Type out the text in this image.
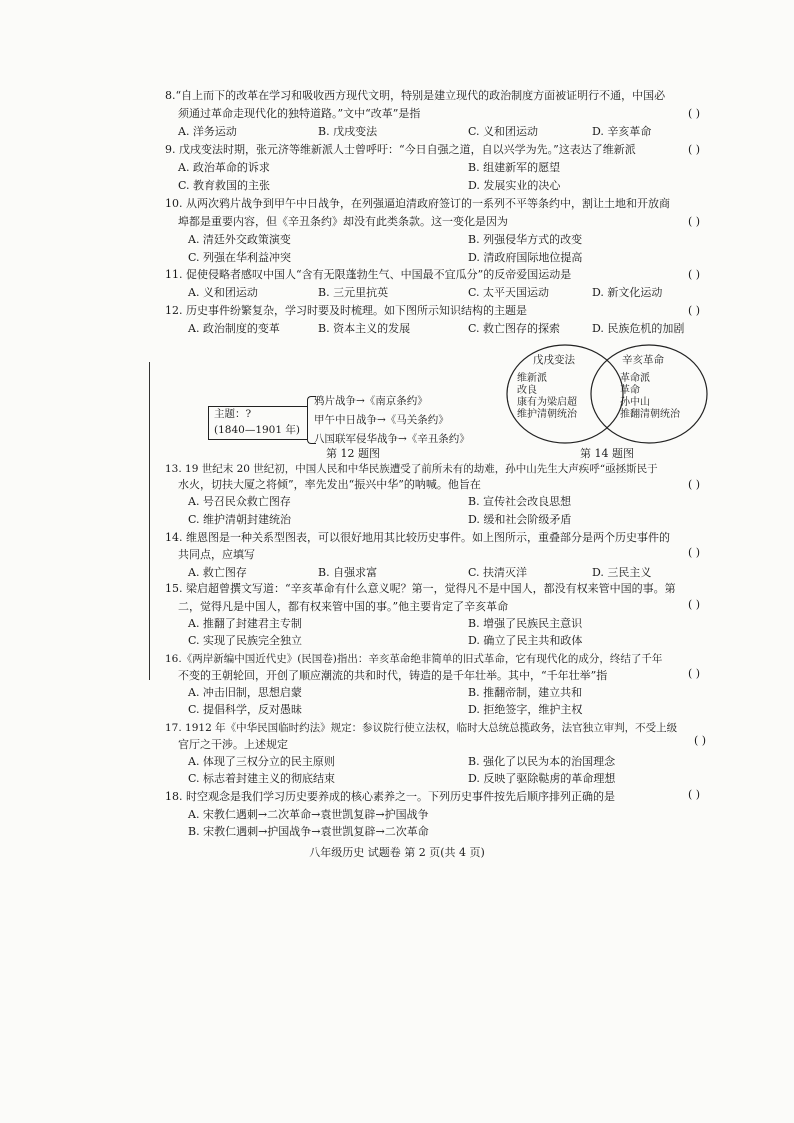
8.“自上而下的改革在学习和吸收西方现代文明，特别是建立现代的政治制度方面被证明行不通，中国必
须通过革命走现代化的独特道路。”文中“改革”是指	( )
A. 洋务运动	B. 戊戌变法	C. 义和团运动	D. 辛亥革命
9. 戊戌变法时期，张元济等维新派人士曾呼吁：“今日自强之道，自以兴学为先。”这表达了维新派	( )
A. 政治革命的诉求	B. 组建新军的愿望
C. 教育救国的主张	D. 发展实业的决心
10. 从两次鸦片战争到甲午中日战争，在列强逼迫清政府签订的一系列不平等条约中，割让土地和开放商
埠都是重要内容，但《辛丑条约》却没有此类条款。这一变化是因为	( )
A. 清廷外交政策演变	B. 列强侵华方式的改变
C. 列强在华利益冲突	D. 清政府国际地位提高
11. 促使侵略者感叹中国人“含有无限蓬勃生气、中国最不宜瓜分”的反帝爱国运动是	( )
A. 义和团运动	B. 三元里抗英	C. 太平天国运动	D. 新文化运动
12. 历史事件纷繁复杂，学习时要及时梳理。如下图所示知识结构的主题是	( )
A. 政治制度的变革	B. 资本主义的发展	C. 救亡图存的探索	D. 民族危机的加剧
主题：?
(1840—1901 年)
鸦片战争→《南京条约》
甲午中日战争→《马关条约》
八国联军侵华战争→《辛丑条约》
第 12 题图
戊戌变法	辛亥革命
维新派
改良
康有为梁启超
维护清朝统治
革命派
革命
孙中山
推翻清朝统治
第 14 题图
13. 19 世纪末 20 世纪初，中国人民和中华民族遭受了前所未有的劫难，孙中山先生大声疾呼“亟拯斯民于
水火，切扶大厦之将倾”，率先发出“振兴中华”的呐喊。他旨在	( )
A. 号召民众救亡图存	B. 宣传社会改良思想
C. 维护清朝封建统治	D. 缓和社会阶级矛盾
14. 维恩图是一种关系型图表，可以很好地用其比较历史事件。如上图所示，重叠部分是两个历史事件的
共同点，应填写	( )
A. 救亡图存	B. 自强求富	C. 扶清灭洋	D. 三民主义
15. 梁启超曾撰文写道：“辛亥革命有什么意义呢？第一，觉得凡不是中国人，都没有权来管中国的事。第
二，觉得凡是中国人，都有权来管中国的事。”他主要肯定了辛亥革命	( )
A. 推翻了封建君主专制	B. 增强了民族民主意识
C. 实现了民族完全独立	D. 确立了民主共和政体
16.《两岸新编中国近代史》(民国卷)指出：辛亥革命绝非简单的旧式革命，它有现代化的成分，终结了千年
不变的王朝轮回，开创了顺应潮流的共和时代，铸造的是千年壮举。其中，“千年壮举”指	( )
A. 冲击旧制，思想启蒙	B. 推翻帝制，建立共和
C. 提倡科学，反对愚昧	D. 拒绝签字，维护主权
17. 1912 年《中华民国临时约法》规定：参议院行使立法权，临时大总统总揽政务，法官独立审判，不受上级
官厅之干涉。上述规定	( )
A. 体现了三权分立的民主原则	B. 强化了以民为本的治国理念
C. 标志着封建主义的彻底结束	D. 反映了驱除鞑虏的革命理想
18. 时空观念是我们学习历史要养成的核心素养之一。下列历史事件按先后顺序排列正确的是	( )
A. 宋教仁遇刺→二次革命→袁世凯复辟→护国战争
B. 宋教仁遇刺→护国战争→袁世凯复辟→二次革命
八年级历史 试题卷 第 2 页(共 4 页)
